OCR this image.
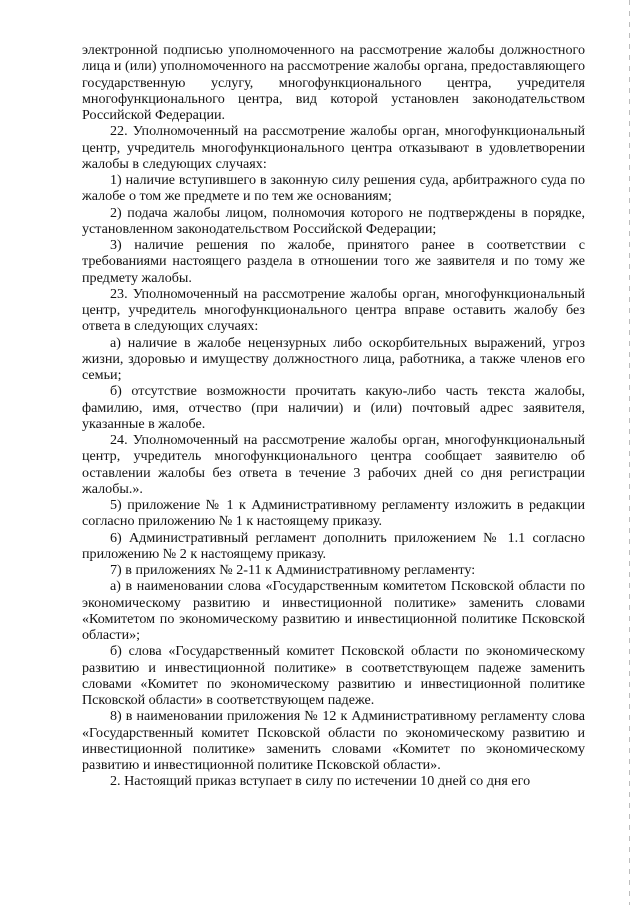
электронной подписью уполномоченного на рассмотрение жалобы должностного лица и (или) уполномоченного на рассмотрение жалобы органа, предоставляющего государственную услугу, многофункционального центра, учредителя многофункционального центра, вид которой установлен законодательством Российской Федерации.

22. Уполномоченный на рассмотрение жалобы орган, многофункциональный центр, учредитель многофункционального центра отказывают в удовлетворении жалобы в следующих случаях:

1) наличие вступившего в законную силу решения суда, арбитражного суда по жалобе о том же предмете и по тем же основаниям;

2) подача жалобы лицом, полномочия которого не подтверждены в порядке, установленном законодательством Российской Федерации;

3) наличие решения по жалобе, принятого ранее в соответствии с требованиями настоящего раздела в отношении того же заявителя и по тому же предмету жалобы.

23. Уполномоченный на рассмотрение жалобы орган, многофункциональный центр, учредитель многофункционального центра вправе оставить жалобу без ответа в следующих случаях:

а) наличие в жалобе нецензурных либо оскорбительных выражений, угроз жизни, здоровью и имуществу должностного лица, работника, а также членов его семьи;

б) отсутствие возможности прочитать какую-либо часть текста жалобы, фамилию, имя, отчество (при наличии) и (или) почтовый адрес заявителя, указанные в жалобе.

24. Уполномоченный на рассмотрение жалобы орган, многофункциональный центр, учредитель многофункционального центра сообщает заявителю об оставлении жалобы без ответа в течение 3 рабочих дней со дня регистрации жалобы.».

5) приложение № 1 к Административному регламенту изложить в редакции согласно приложению № 1 к настоящему приказу.

6) Административный регламент дополнить приложением № 1.1 согласно приложению № 2 к настоящему приказу.

7) в приложениях № 2-11 к Административному регламенту:

а) в наименовании слова «Государственным комитетом Псковской области по экономическому развитию и инвестиционной политике» заменить словами «Комитетом по экономическому развитию и инвестиционной политике Псковской области»;

б) слова «Государственный комитет Псковской области по экономическому развитию и инвестиционной политике» в соответствующем падеже заменить словами «Комитет по экономическому развитию и инвестиционной политике Псковской области» в соответствующем падеже.

8) в наименовании приложения № 12 к Административному регламенту слова «Государственный комитет Псковской области по экономическому развитию и инвестиционной политике» заменить словами «Комитет по экономическому развитию и инвестиционной политике Псковской области».

2. Настоящий приказ вступает в силу по истечении 10 дней со дня его
